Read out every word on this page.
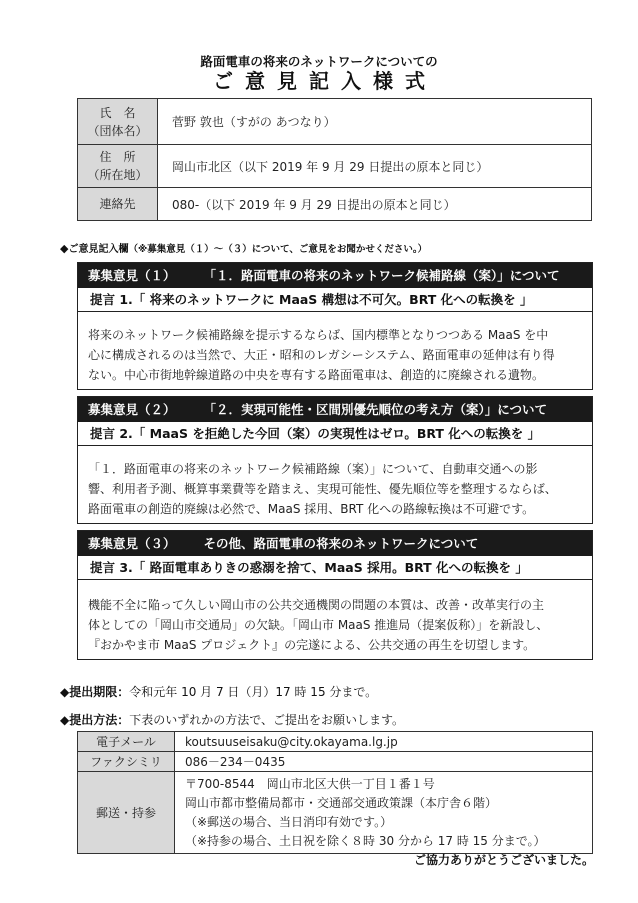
路面電車の将来のネットワークについての
ご意見記入様式
氏　名
（団体名）	菅野 敦也（すがの あつなり）

住　所
（所在地）	岡山市北区（以下 2019 年 9 月 29 日提出の原本と同じ）
連絡先	080-（以下 2019 年 9 月 29 日提出の原本と同じ）
◆ご意見記入欄（※募集意見（１）～（３）について、ご意見をお聞かせください。）
募集意見（１） 「１．路面電車の将来のネットワーク候補路線（案）」について
提言 1.「 将来のネットワークに MaaS 構想は不可欠。BRT 化への転換を 」
将来のネットワーク候補路線を提示するならば、国内標準となりつつある MaaS を中
心に構成されるのは当然で、大正・昭和のレガシーシステム、路面電車の延伸は有り得
ない。中心市街地幹線道路の中央を専有する路面電車は、創造的に廃線される遺物。
募集意見（２） 「２．実現可能性・区間別優先順位の考え方（案）」について
提言 2.「 MaaS を拒絶した今回（案）の実現性はゼロ。BRT 化への転換を 」
「１．路面電車の将来のネットワーク候補路線（案）」について、自動車交通への影
響、利用者予測、概算事業費等を踏まえ、実現可能性、優先順位等を整理するならば、
路面電車の創造的廃線は必然で、MaaS 採用、BRT 化への路線転換は不可避です。
募集意見（３） その他、路面電車の将来のネットワークについて
提言 3.「 路面電車ありきの惑溺を捨て、MaaS 採用。BRT 化への転換を 」
機能不全に陥って久しい岡山市の公共交通機関の問題の本質は、改善・改革実行の主
体としての「岡山市交通局」の欠缺。「岡山市 MaaS 推進局（提案仮称）」を新設し、
『おかやま市 MaaS プロジェクト』の完遂による、公共交通の再生を切望します。
◆提出期限：令和元年 10 月 7 日（月）17 時 15 分まで。
◆提出方法：下表のいずれかの方法で、ご提出をお願いします。
電子メール	koutsuuseisaku@city.okayama.lg.jp
ファクシミリ	086－234－0435
郵送・持参	〒700-8544　岡山市北区大供一丁目１番１号
岡山市都市整備局都市・交通部交通政策課（本庁舎６階）
（※郵送の場合、当日消印有効です。）
（※持参の場合、土日祝を除く８時 30 分から 17 時 15 分まで。）
ご協力ありがとうございました。
